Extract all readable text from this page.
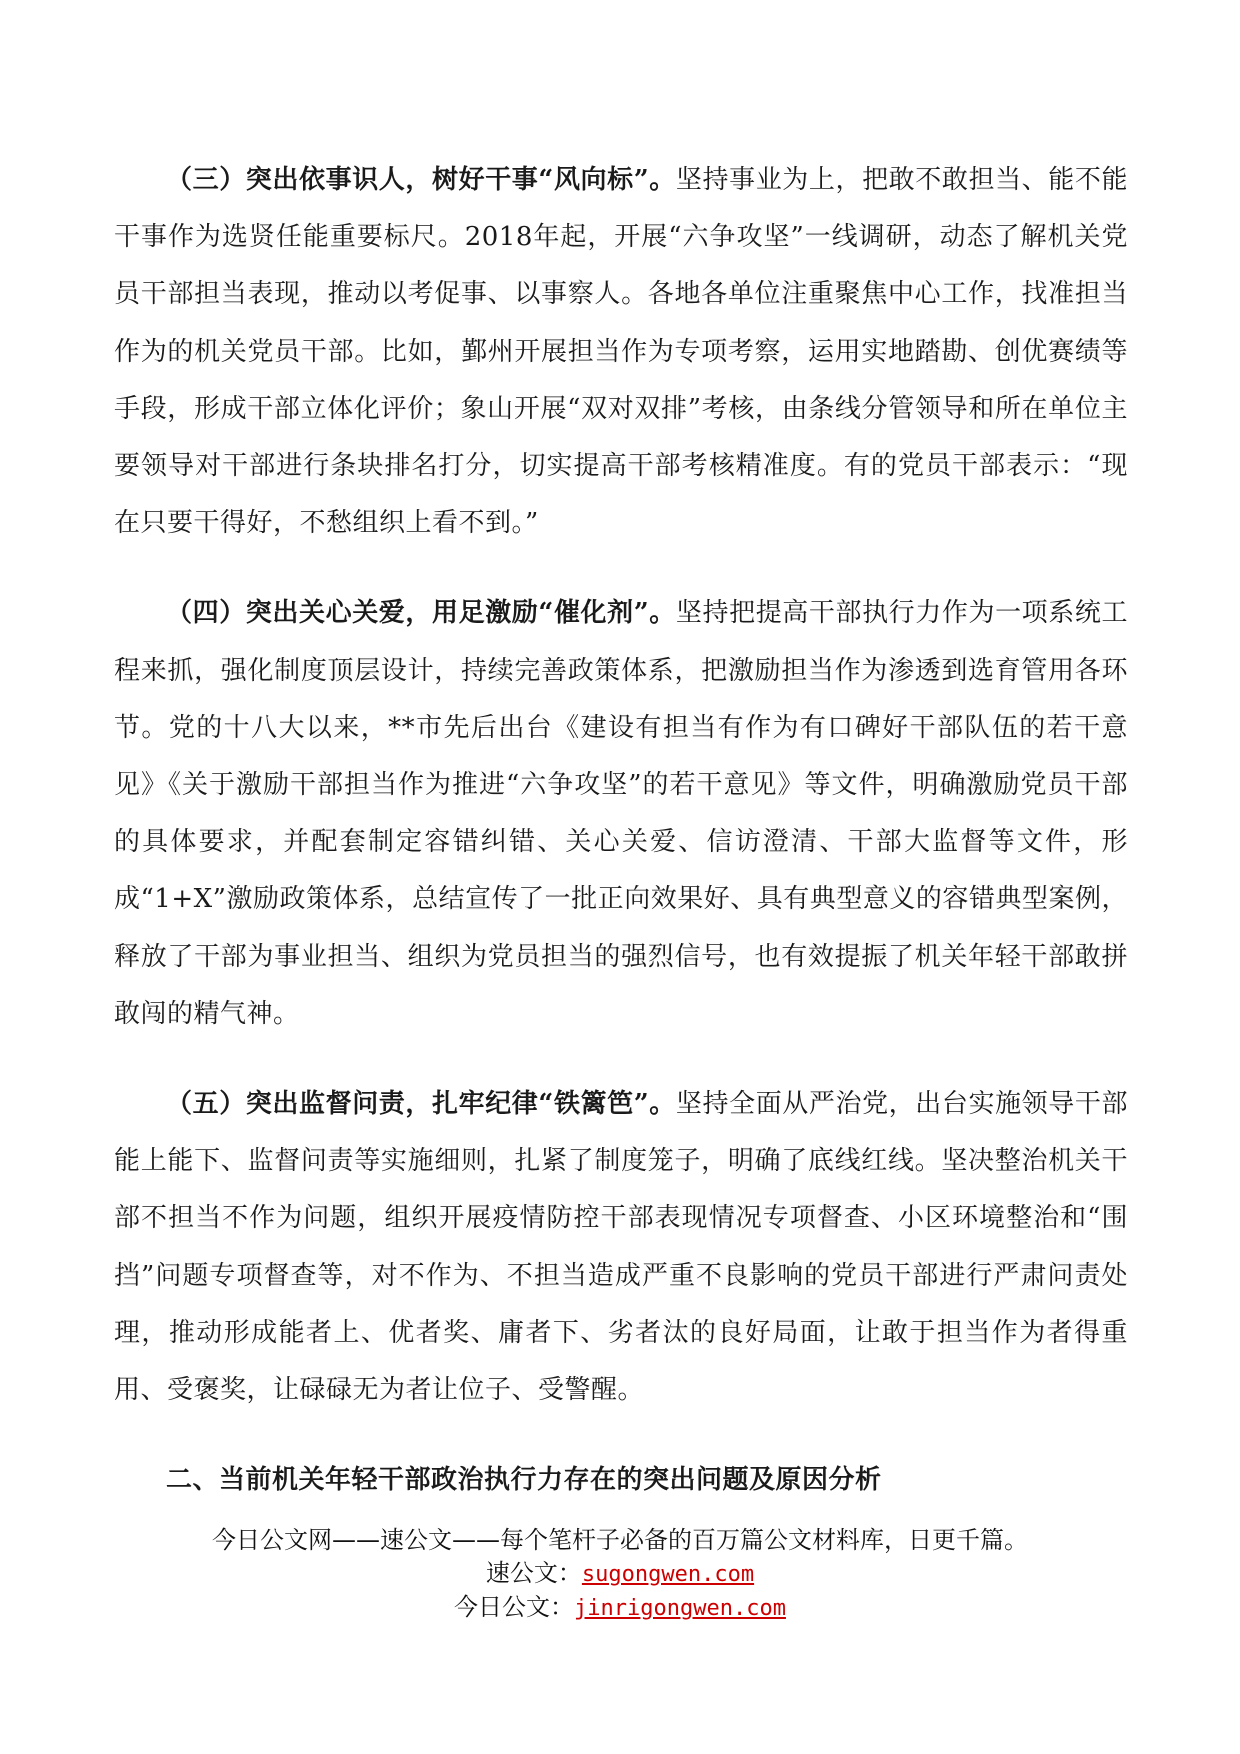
（三）突出依事识人，树好干事“风向标”。坚持事业为上，把敢不敢担当、能不能干事作为选贤任能重要标尺。2018年起，开展“六争攻坚”一线调研，动态了解机关党员干部担当表现，推动以考促事、以事察人。各地各单位注重聚焦中心工作，找准担当作为的机关党员干部。比如，鄞州开展担当作为专项考察，运用实地踏勘、创优赛绩等手段，形成干部立体化评价；象山开展“双对双排”考核，由条线分管领导和所在单位主要领导对干部进行条块排名打分，切实提高干部考核精准度。有的党员干部表示：“现在只要干得好，不愁组织上看不到。”

（四）突出关心关爱，用足激励“催化剂”。坚持把提高干部执行力作为一项系统工程来抓，强化制度顶层设计，持续完善政策体系，把激励担当作为渗透到选育管用各环节。党的十八大以来，**市先后出台《建设有担当有作为有口碑好干部队伍的若干意见》《关于激励干部担当作为推进“六争攻坚”的若干意见》等文件，明确激励党员干部的具体要求，并配套制定容错纠错、关心关爱、信访澄清、干部大监督等文件，形成“1+X”激励政策体系，总结宣传了一批正向效果好、具有典型意义的容错典型案例，释放了干部为事业担当、组织为党员担当的强烈信号，也有效提振了机关年轻干部敢拼敢闯的精气神。

（五）突出监督问责，扎牢纪律“铁篱笆”。坚持全面从严治党，出台实施领导干部能上能下、监督问责等实施细则，扎紧了制度笼子，明确了底线红线。坚决整治机关干部不担当不作为问题，组织开展疫情防控干部表现情况专项督查、小区环境整治和“围挡”问题专项督查等，对不作为、不担当造成严重不良影响的党员干部进行严肃问责处理，推动形成能者上、优者奖、庸者下、劣者汰的良好局面，让敢于担当作为者得重用、受褒奖，让碌碌无为者让位子、受警醒。

二、当前机关年轻干部政治执行力存在的突出问题及原因分析

今日公文网——速公文——每个笔杆子必备的百万篇公文材料库，日更千篇。
速公文：sugongwen.com
今日公文：jinrigongwen.com
